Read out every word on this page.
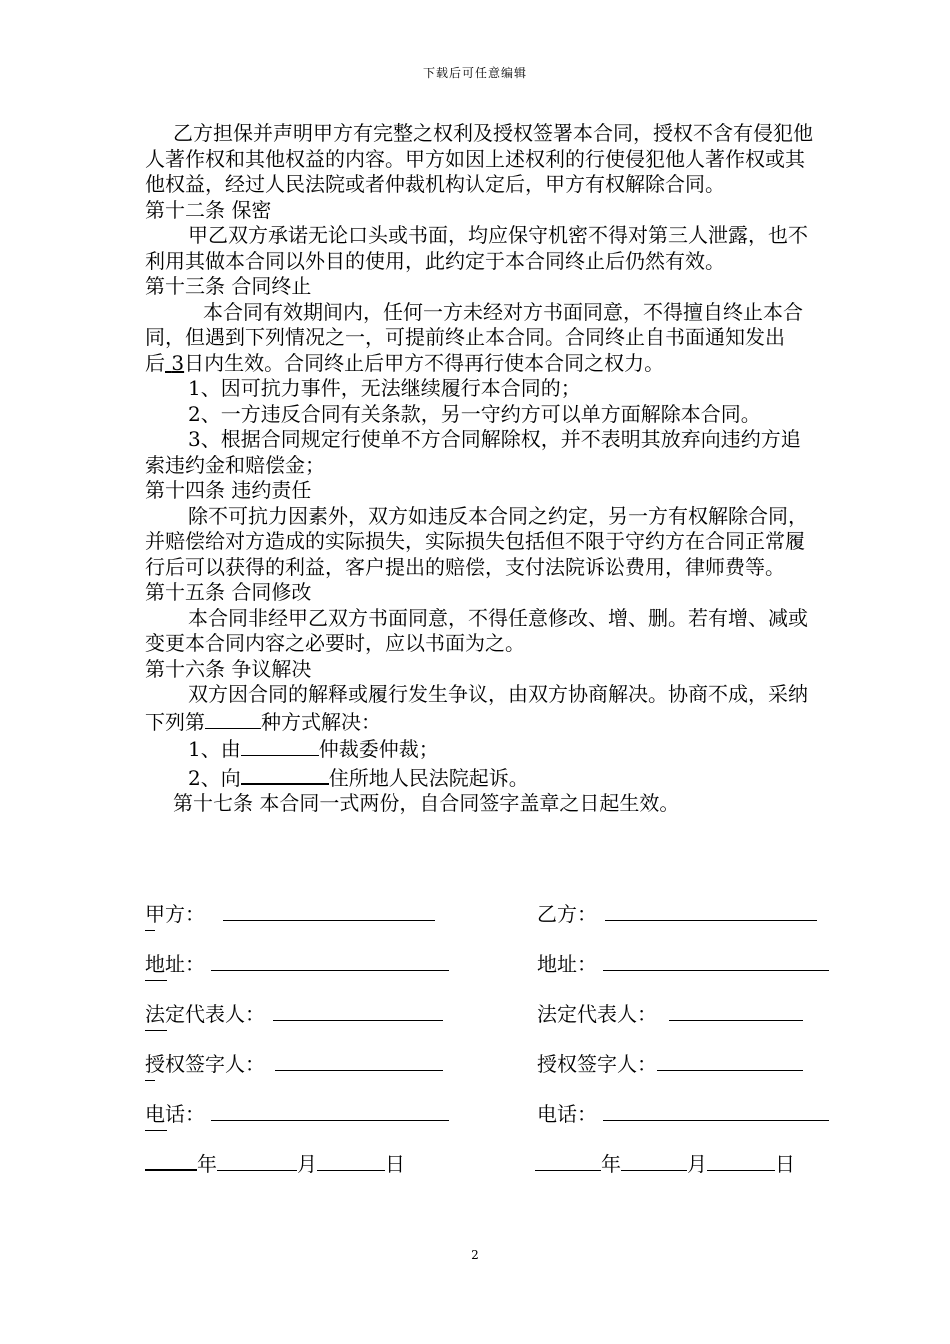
下载后可任意编辑

乙方担保并声明甲方有完整之权利及授权签署本合同，授权不含有侵犯他人著作权和其他权益的内容。甲方如因上述权利的行使侵犯他人著作权或其他权益，经过人民法院或者仲裁机构认定后，甲方有权解除合同。

第十二条 保密

甲乙双方承诺无论口头或书面，均应保守机密不得对第三人泄露，也不利用其做本合同以外目的使用，此约定于本合同终止后仍然有效。

第十三条 合同终止

本合同有效期间内，任何一方未经对方书面同意，不得擅自终止本合同，但遇到下列情况之一，可提前终止本合同。合同终止自书面通知发出后 3日内生效。合同终止后甲方不得再行使本合同之权力。

1、因可抗力事件，无法继续履行本合同的；

2、一方违反合同有关条款，另一守约方可以单方面解除本合同。

3、根据合同规定行使单不方合同解除权，并不表明其放弃向违约方追索违约金和赔偿金；

第十四条 违约责任

除不可抗力因素外，双方如违反本合同之约定，另一方有权解除合同，并赔偿给对方造成的实际损失，实际损失包括但不限于守约方在合同正常履行后可以获得的利益，客户提出的赔偿，支付法院诉讼费用，律师费等。

第十五条 合同修改

本合同非经甲乙双方书面同意，不得任意修改、增、删。若有增、减或变更本合同内容之必要时，应以书面为之。

第十六条 争议解决

双方因合同的解释或履行发生争议，由双方协商解决。协商不成，采纳下列第	种方式解决：

1、由	仲裁委仲裁；

2、向	住所地人民法院起诉。

第十七条 本合同一式两份，自合同签字盖章之日起生效。

甲方：	乙方：
地址：	地址：
法定代表人：	法定代表人：
授权签字人：	授权签字人：
电话：	电话：
年	月	日	年	月	日
2
